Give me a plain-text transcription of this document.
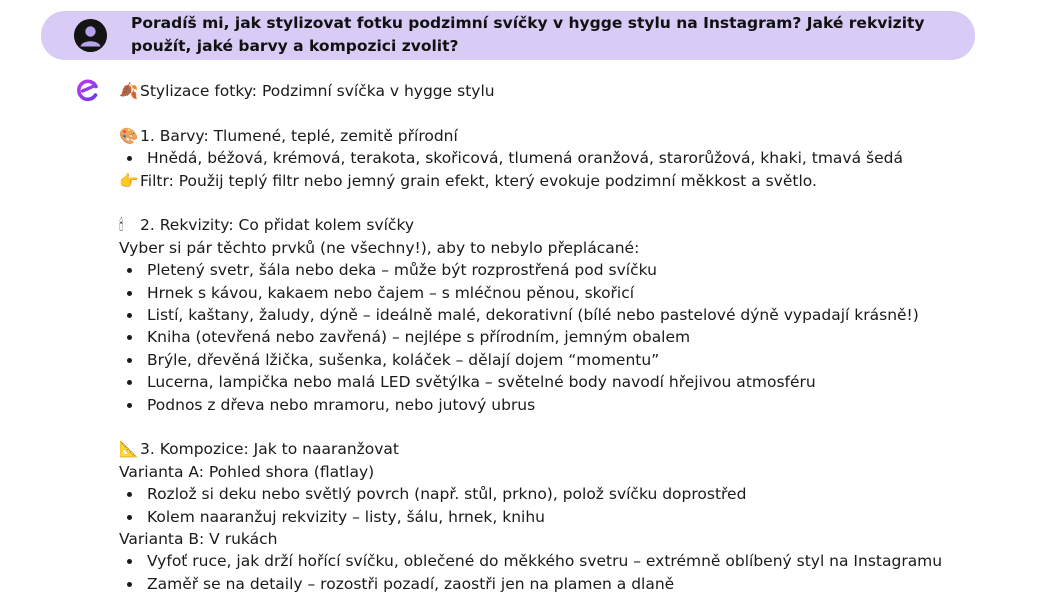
Poradíš mi, jak stylizovat fotku podzimní svíčky v hygge stylu na Instagram? Jaké rekvizity použít, jaké barvy a kompozici zvolit?

🍂 Stylizace fotky: Podzimní svíčka v hygge stylu

🎨 1. Barvy: Tlumené, teplé, zemitě přírodní

Hnědá, béžová, krémová, terakota, skořicová, tlumená oranžová, starorůžová, khaki, tmavá šedá

👉 Filtr: Použij teplý filtr nebo jemný grain efekt, který evokuje podzimní měkkost a světlo.

🕯 2. Rekvizity: Co přidat kolem svíčky

Vyber si pár těchto prvků (ne všechny!), aby to nebylo přeplácané:

Pletený svetr, šála nebo deka – může být rozprostřená pod svíčku
Hrnek s kávou, kakaem nebo čajem – s mléčnou pěnou, skořicí
Listí, kaštany, žaludy, dýně – ideálně malé, dekorativní (bílé nebo pastelové dýně vypadají krásně!)
Kniha (otevřená nebo zavřená) – nejlépe s přírodním, jemným obalem
Brýle, dřevěná lžička, sušenka, koláček – dělají dojem “momentu”
Lucerna, lampička nebo malá LED světýlka – světelné body navodí hřejivou atmosféru
Podnos z dřeva nebo mramoru, nebo jutový ubrus

📐 3. Kompozice: Jak to naaranžovat

Varianta A: Pohled shora (flatlay)

Rozlož si deku nebo světlý povrch (např. stůl, prkno), polož svíčku doprostřed
Kolem naaranžuj rekvizity – listy, šálu, hrnek, knihu

Varianta B: V rukách

Vyfoť ruce, jak drží hořící svíčku, oblečené do měkkého svetru – extrémně oblíbený styl na Instagramu
Zaměř se na detaily – rozostři pozadí, zaostři jen na plamen a dlaně
